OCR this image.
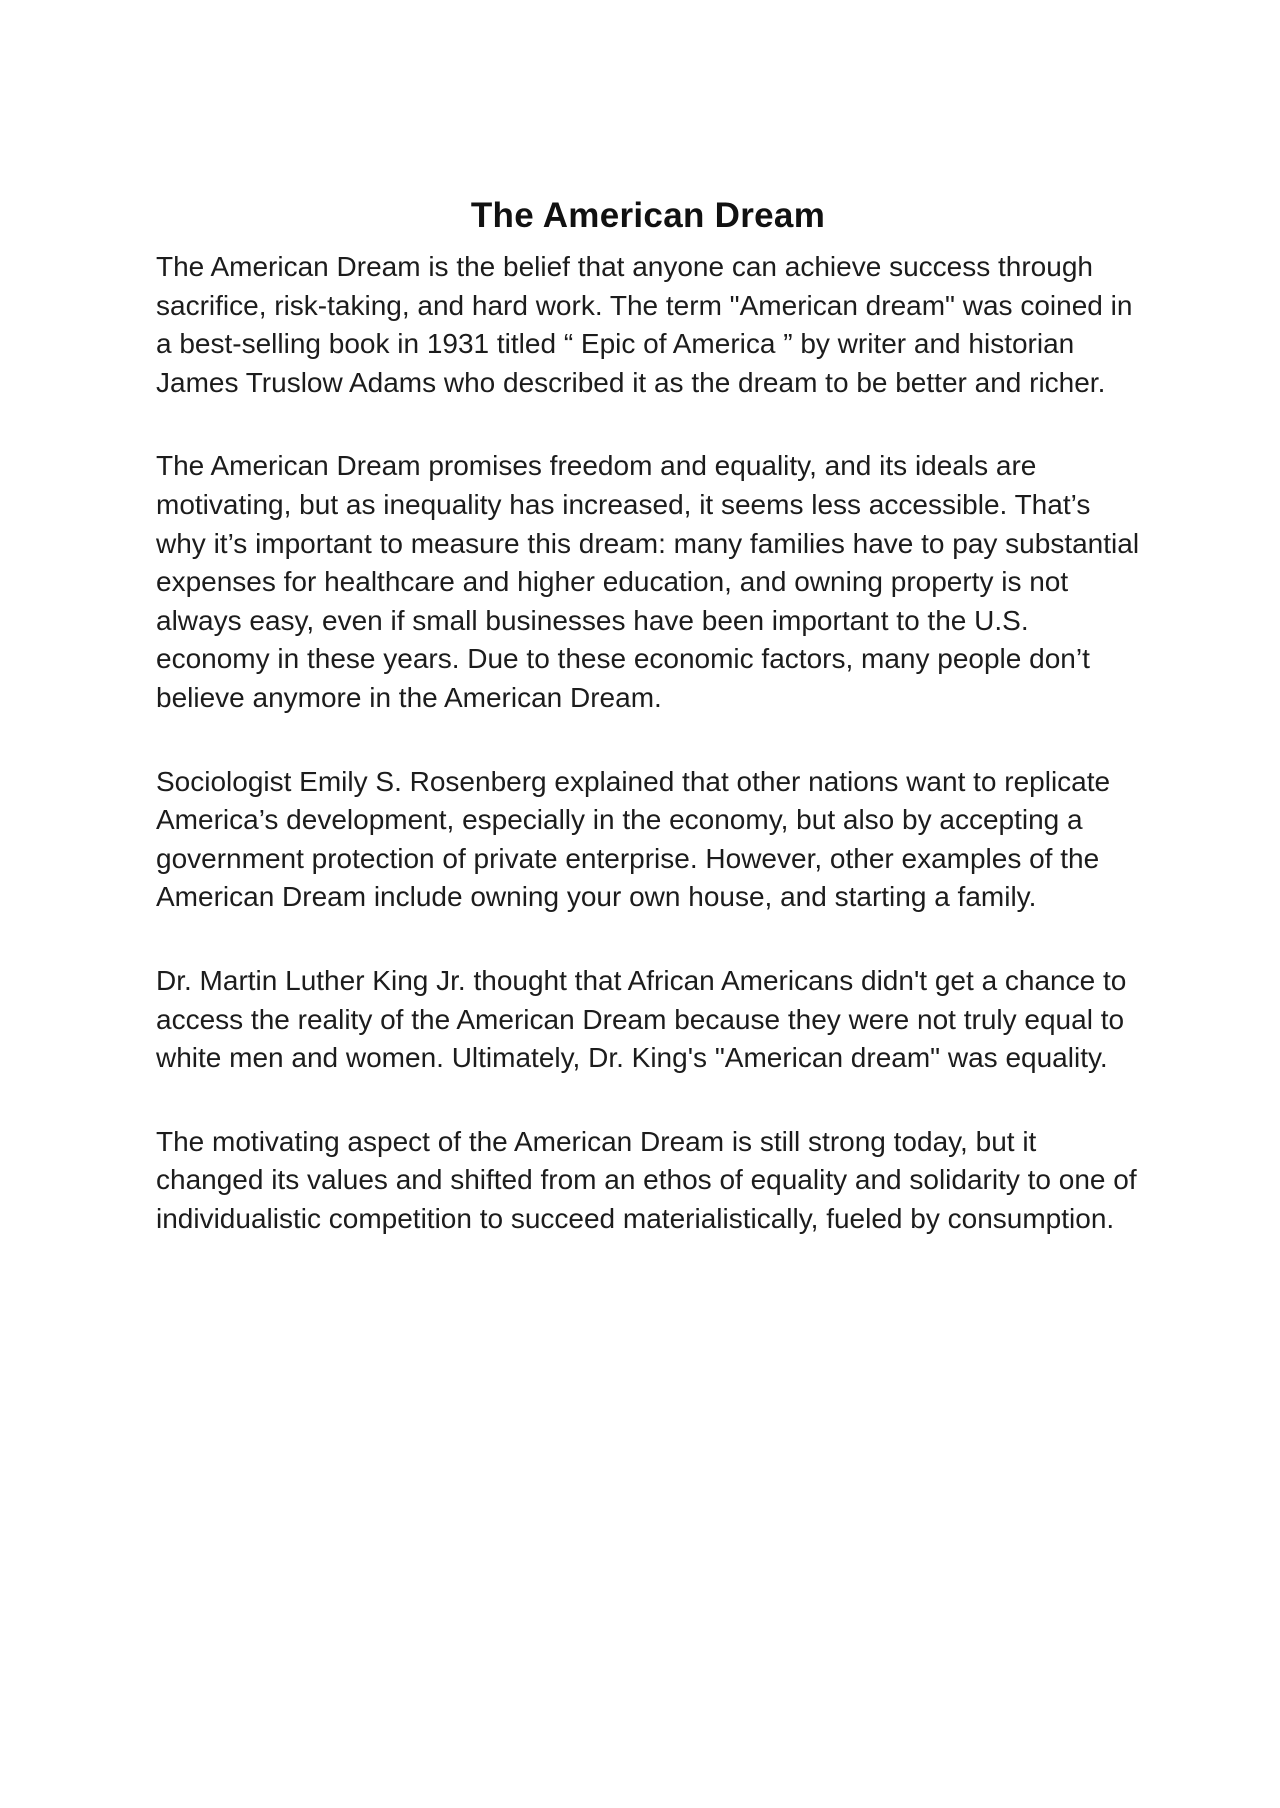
The American Dream

The American Dream is the belief that anyone can achieve success through sacrifice, risk-taking, and hard work. The term "American dream" was coined in a best-selling book in 1931 titled “ Epic of America ” by writer and historian James Truslow Adams who described it as the dream to be better and richer.

The American Dream promises freedom and equality, and its ideals are motivating, but as inequality has increased, it seems less accessible. That’s why it’s important to measure this dream: many families have to pay substantial expenses for healthcare and higher education, and owning property is not always easy, even if small businesses have been important to the U.S. economy in these years. Due to these economic factors, many people don’t believe anymore in the American Dream.

Sociologist Emily S. Rosenberg explained that other nations want to replicate America’s development, especially in the economy, but also by accepting a government protection of private enterprise. However, other examples of the American Dream include owning your own house, and starting a family.

Dr. Martin Luther King Jr. thought that African Americans didn't get a chance to access the reality of the American Dream because they were not truly equal to white men and women. Ultimately, Dr. King's "American dream" was equality.

The motivating aspect of the American Dream is still strong today, but it changed its values and shifted from an ethos of equality and solidarity to one of individualistic competition to succeed materialistically, fueled by consumption.
